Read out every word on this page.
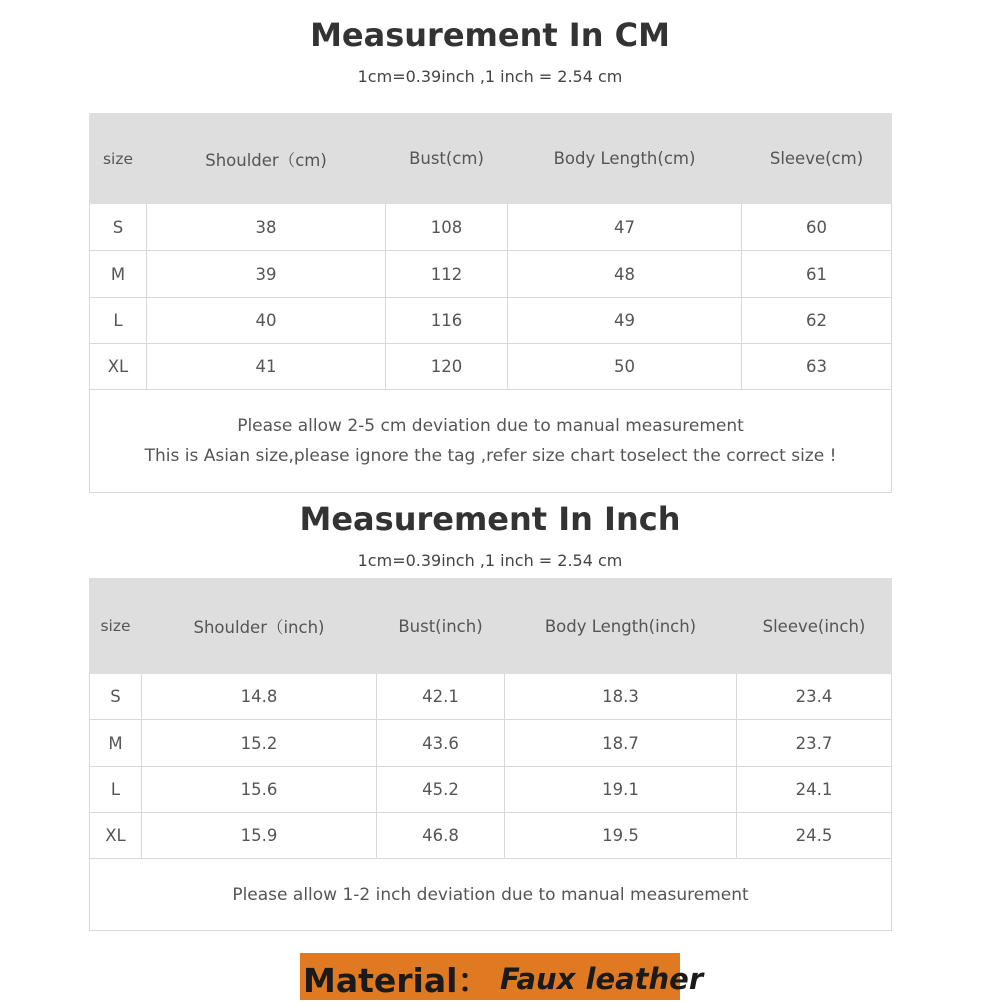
Measurement In CM
1cm=0.39inch ,1 inch = 2.54 cm
size	Shoulder（cm)	Bust(cm)	Body Length(cm)	Sleeve(cm)
S	38	108	47	60
M	39	112	48	61
L	40	116	49	62
XL	41	120	50	63

Please allow 2-5 cm deviation due to manual measurement
This is Asian size,please ignore the tag ,refer size chart toselect the correct size !				
Measurement In Inch
1cm=0.39inch ,1 inch = 2.54 cm
size	Shoulder（inch)	Bust(inch)	Body Length(inch)	Sleeve(inch)
S	14.8	42.1	18.3	23.4
M	15.2	43.6	18.7	23.7
L	15.6	45.2	19.1	24.1
XL	15.9	46.8	19.5	24.5

Please allow 1-2 inch deviation due to manual measurement				
Material： Faux leather
